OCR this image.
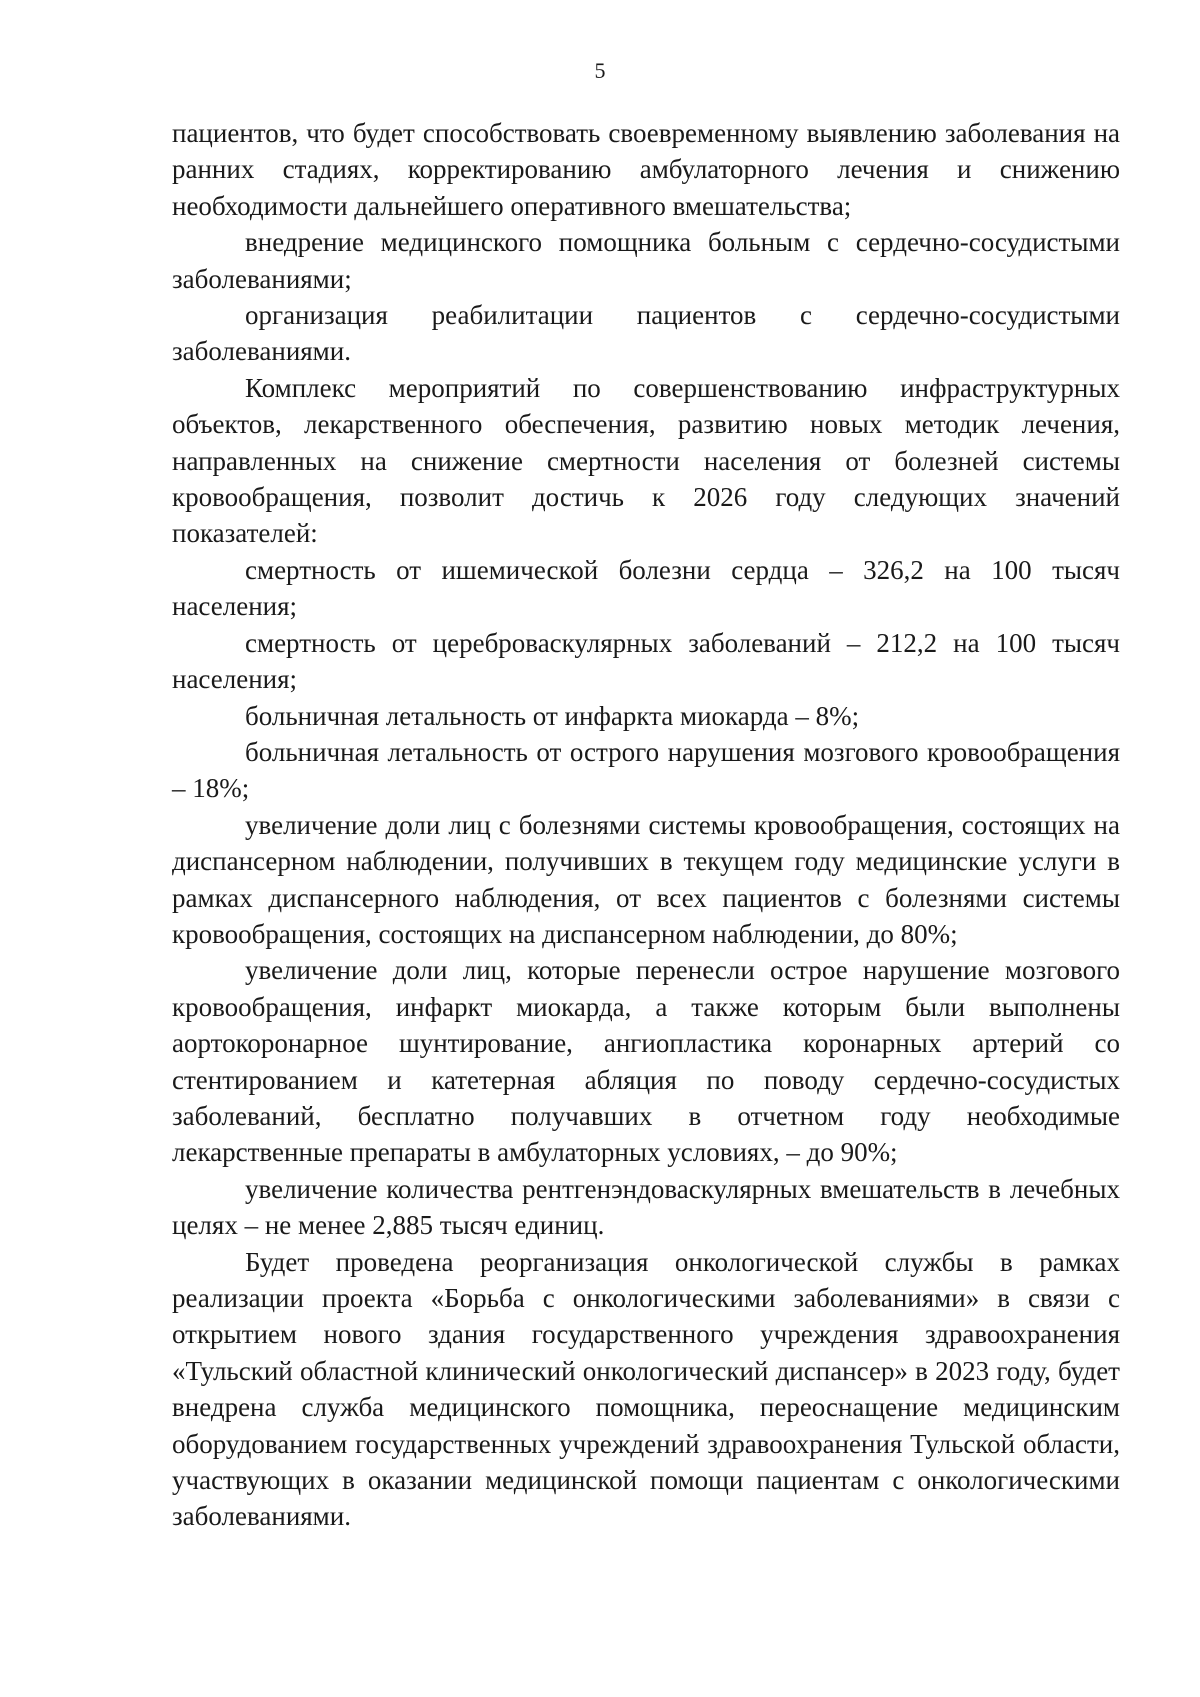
5

пациентов, что будет способствовать своевременному выявлению заболевания на ранних стадиях, корректированию амбулаторного лечения и снижению необходимости дальнейшего оперативного вмешательства;

внедрение медицинского помощника больным с сердечно-сосудистыми заболеваниями;

организация реабилитации пациентов с сердечно-сосудистыми заболеваниями.

Комплекс мероприятий по совершенствованию инфраструктурных объектов, лекарственного обеспечения, развитию новых методик лечения, направленных на снижение смертности населения от болезней системы кровообращения, позволит достичь к 2026 году следующих значений показателей:

смертность от ишемической болезни сердца – 326,2 на 100 тысяч населения;

смертность от цереброваскулярных заболеваний – 212,2 на 100 тысяч населения;

больничная летальность от инфаркта миокарда – 8%;

больничная летальность от острого нарушения мозгового кровообращения – 18%;

увеличение доли лиц с болезнями системы кровообращения, состоящих на диспансерном наблюдении, получивших в текущем году медицинские услуги в рамках диспансерного наблюдения, от всех пациентов с болезнями системы кровообращения, состоящих на диспансерном наблюдении, до 80%;

увеличение доли лиц, которые перенесли острое нарушение мозгового кровообращения, инфаркт миокарда, а также которым были выполнены аортокоронарное шунтирование, ангиопластика коронарных артерий со стентированием и катетерная абляция по поводу сердечно-сосудистых заболеваний, бесплатно получавших в отчетном году необходимые лекарственные препараты в амбулаторных условиях, – до 90%;

увеличение количества рентгенэндоваскулярных вмешательств в лечебных целях – не менее 2,885 тысяч единиц.

Будет проведена реорганизация онкологической службы в рамках реализации проекта «Борьба с онкологическими заболеваниями» в связи с открытием нового здания государственного учреждения здравоохранения «Тульский областной клинический онкологический диспансер» в 2023 году, будет внедрена служба медицинского помощника, переоснащение медицинским оборудованием государственных учреждений здравоохранения Тульской области, участвующих в оказании медицинской помощи пациентам с онкологическими заболеваниями.
